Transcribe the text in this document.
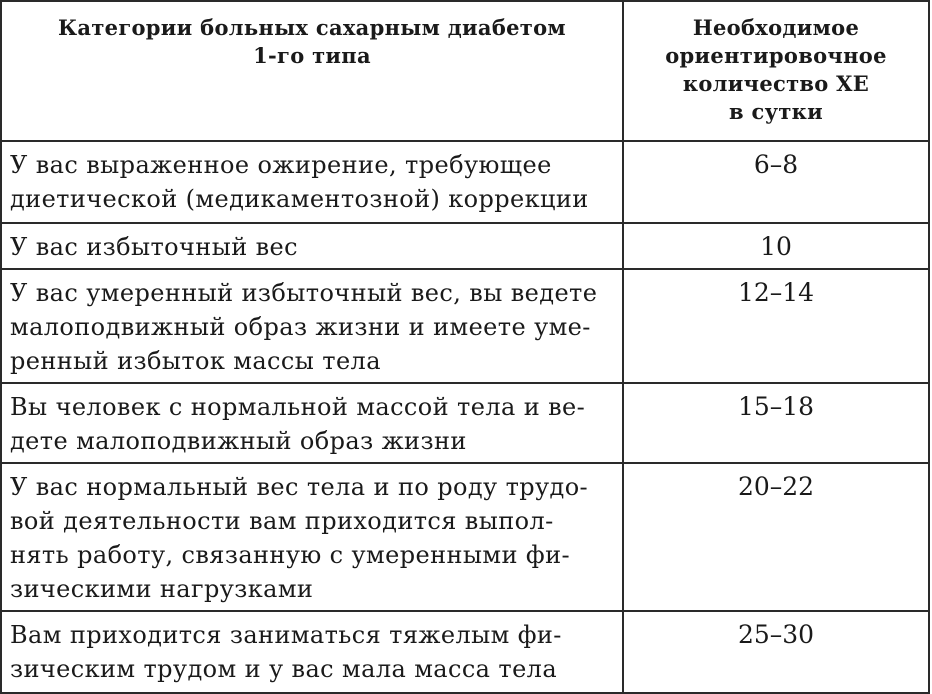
Категории больных сахарным диабетом
1-го типа	Необходимое
ориентировочное
количество ХЕ
в сутки

У вас выраженное ожирение, требующее
диетической (медикаментозной) коррекции	6–8

У вас избыточный вес	10

У вас умеренный избыточный вес, вы ведете
малоподвижный образ жизни и имеете уме-
ренный избыток массы тела	12–14

Вы человек с нормальной массой тела и ве-
дете малоподвижный образ жизни	15–18

У вас нормальный вес тела и по роду трудо-
вой деятельности вам приходится выпол-
нять работу, связанную с умеренными фи-
зическими нагрузками	20–22

Вам приходится заниматься тяжелым фи-
зическим трудом и у вас мала масса тела	25–30
